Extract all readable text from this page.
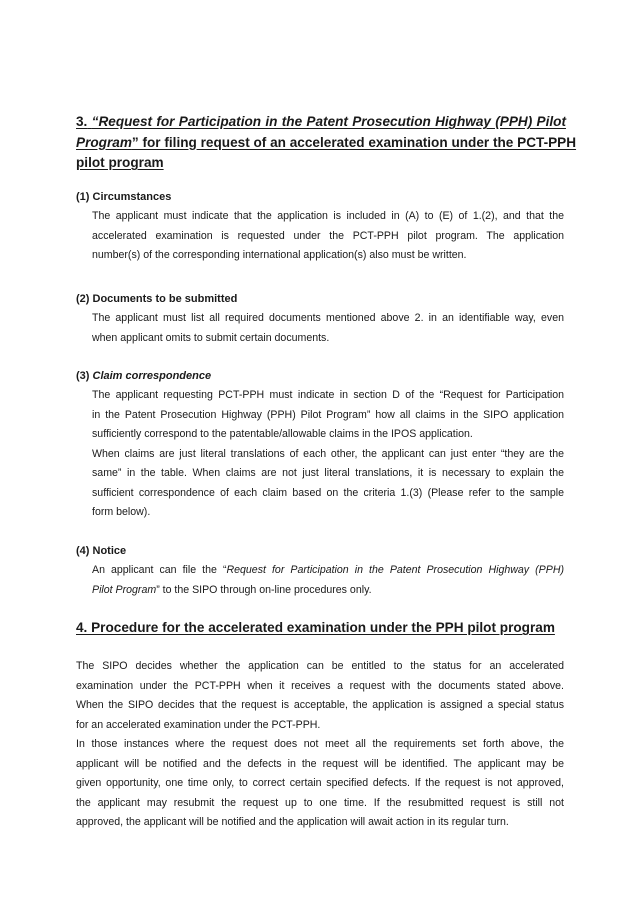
3. “Request for Participation in the Patent Prosecution Highway (PPH) Pilot
Program” for filing request of an accelerated examination under the PCT-PPH
pilot program
(1) Circumstances
The applicant must indicate that the application is included in (A) to (E) of 1.(2), and that the
accelerated examination is requested under the PCT-PPH pilot program. The application
number(s) of the corresponding international application(s) also must be written.
(2) Documents to be submitted
The applicant must list all required documents mentioned above 2. in an identifiable way, even
when applicant omits to submit certain documents.
(3) Claim correspondence
The applicant requesting PCT-PPH must indicate in section D of the “Request for Participation
in the Patent Prosecution Highway (PPH) Pilot Program” how all claims in the SIPO application
sufficiently correspond to the patentable/allowable claims in the IPOS application.
When claims are just literal translations of each other, the applicant can just enter “they are the
same” in the table. When claims are not just literal translations, it is necessary to explain the
sufficient correspondence of each claim based on the criteria 1.(3) (Please refer to the sample
form below).
(4) Notice
An applicant can file the “Request for Participation in the Patent Prosecution Highway (PPH)
Pilot Program” to the SIPO through on-line procedures only.
4. Procedure for the accelerated examination under the PPH pilot program
The SIPO decides whether the application can be entitled to the status for an accelerated
examination under the PCT-PPH when it receives a request with the documents stated above.
When the SIPO decides that the request is acceptable, the application is assigned a special status
for an accelerated examination under the PCT-PPH.
In those instances where the request does not meet all the requirements set forth above, the
applicant will be notified and the defects in the request will be identified. The applicant may be
given opportunity, one time only, to correct certain specified defects. If the request is not approved,
the applicant may resubmit the request up to one time. If the resubmitted request is still not
approved, the applicant will be notified and the application will await action in its regular turn.
